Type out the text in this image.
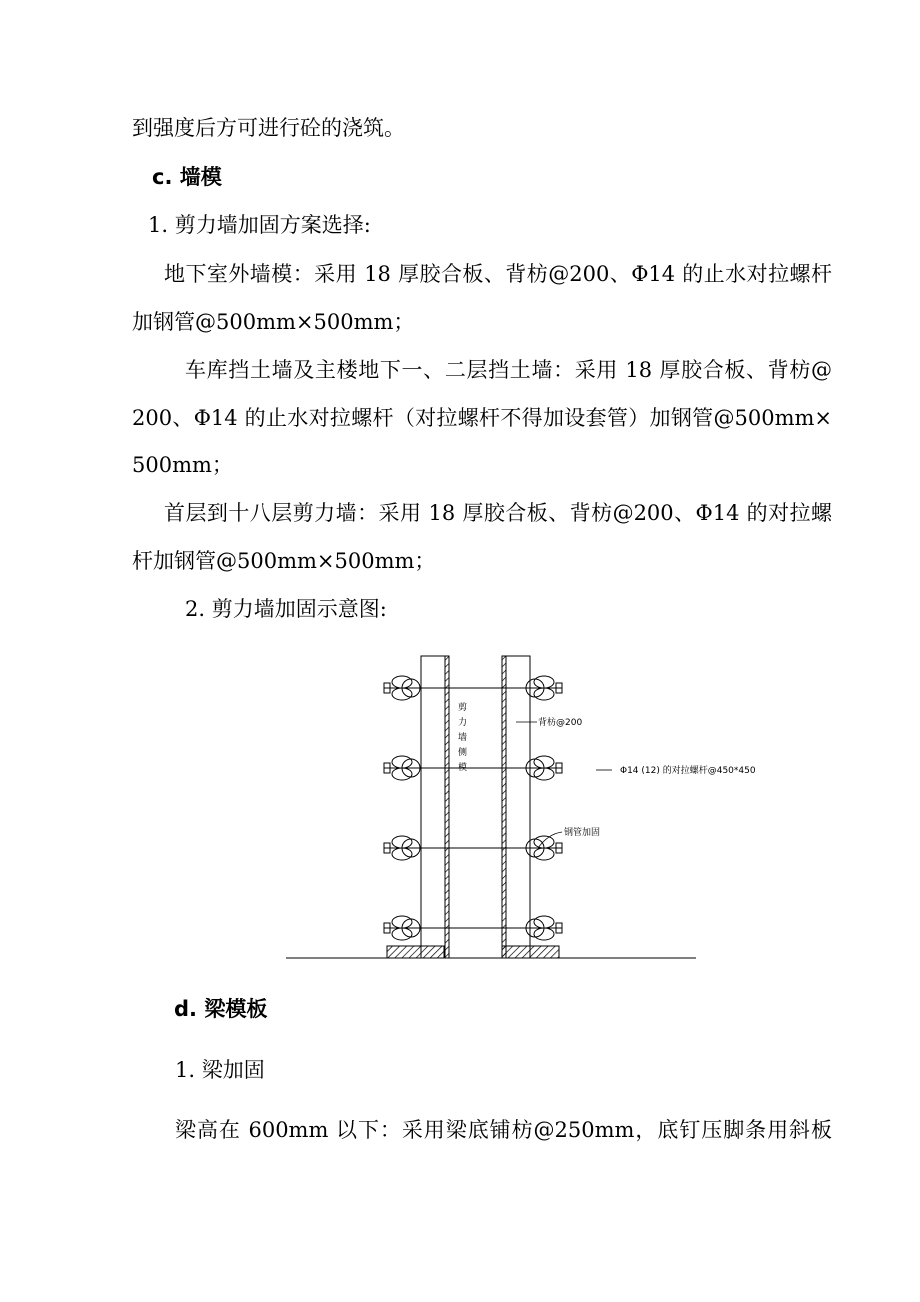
到强度后方可进行砼的浇筑。
c. 墙模
1. 剪力墙加固方案选择:
地下室外墙模：采用 18 厚胶合板、背枋@200、Φ14 的止水对拉螺杆
加钢管@500mm×500mm；
车库挡土墙及主楼地下一、二层挡土墙：采用 18 厚胶合板、背枋@
200、Φ14 的止水对拉螺杆（对拉螺杆不得加设套管）加钢管@500mm×
500mm；
首层到十八层剪力墙：采用 18 厚胶合板、背枋@200、Φ14 的对拉螺
杆加钢管@500mm×500mm；
2. 剪力墙加固示意图:
剪
力
墙
侧
模
背枋@200
Φ14 (12) 的对拉螺杆@450*450
钢管加固
d. 梁模板
1. 梁加固
梁高在 600mm 以下：采用梁底铺枋@250mm，底钉压脚条用斜板
